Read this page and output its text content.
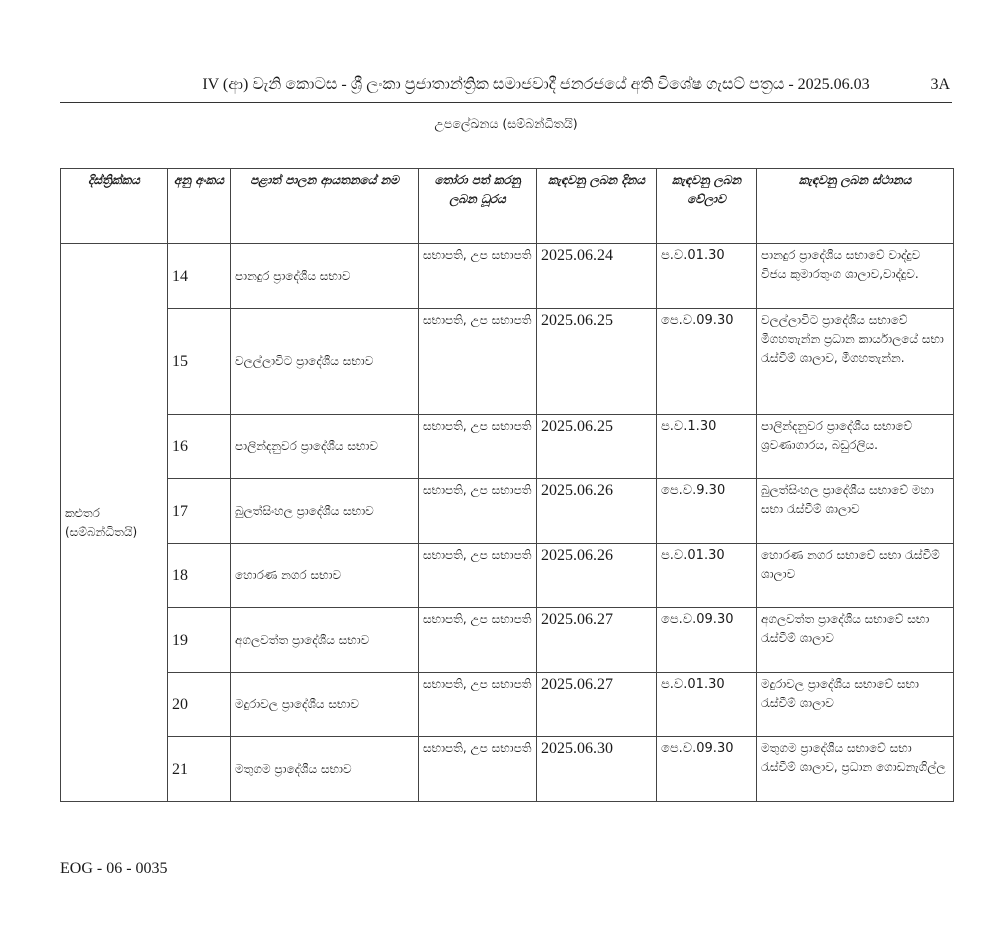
IV (ආ) වැනි කොටස - ශ්‍රී ලංකා ප්‍රජාතාන්ත්‍රික සමාජවාදී ජනරජයේ අති විශේෂ ගැසට් පත්‍රය - 2025.06.03	3A
උපලේඛනය (සම්බන්ධිතයි)
දිස්ත්‍රික්කය	අනු අංකය	පළාත් පාලන ආයතනයේ නම	තෝරා පත් කරනු ලබන ධූරය	කැඳවනු ලබන දිනය	කැඳවනු ලබන වේලාව	කැඳවනු ලබන ස්ථානය
කළුතර (සම්බන්ධිතයි)	14	පානදුර ප්‍රාදේශීය සභාව	සභාපති, උප සභාපති	2025.06.24	ප.ව.01.30	පානදුර ප්‍රාදේශීය සභාවේ වාද්දුව විජය කුමාරතුංග ශාලාව,වාද්දුව.
	15	වලල්ලාවිට ප්‍රාදේශීය සභාව	සභාපති, උප සභාපති	2025.06.25	පෙ.ව.09.30	වලල්ලාවිට ප්‍රාදේශීය සභාවේ මීගහතැන්න ප්‍රධාන කාර්යාලයේ සභා රැස්වීම් ශාලාව, මීගහතැන්න.
	16	පාලින්දනුවර ප්‍රාදේශීය සභාව	සභාපති, උප සභාපති	2025.06.25	ප.ව.1.30	පාලින්දනුවර ප්‍රාදේශීය සභාවේ ශ්‍රවණාගාරය, බඩුරලිය.
	17	බුලත්සිංහල ප්‍රාදේශීය සභාව	සභාපති, උප සභාපති	2025.06.26	පෙ.ව.9.30	බුලත්සිංහල ප්‍රාදේශීය සභාවේ මහා සභා රැස්වීම් ශාලාව
	18	හොරණ නගර සභාව	සභාපති, උප සභාපති	2025.06.26	ප.ව.01.30	හොරණ නගර සභාවේ සභා රැස්වීම් ශාලාව
	19	අගලවත්ත ප්‍රාදේශීය සභාව	සභාපති, උප සභාපති	2025.06.27	පෙ.ව.09.30	අගලවත්ත ප්‍රාදේශීය සභාවේ සභා රැස්වීම් ශාලාව
	20	මදුරාවල ප්‍රාදේශීය සභාව	සභාපති, උප සභාපති	2025.06.27	ප.ව.01.30	මදුරාවල ප්‍රාදේශීය සභාවේ සභා රැස්වීම් ශාලාව
	21	මතුගම ප්‍රාදේශීය සභාව	සභාපති, උප සභාපති	2025.06.30	පෙ.ව.09.30	මතුගම ප්‍රාදේශීය සභාවේ සභා රැස්වීම් ශාලාව, ප්‍රධාන ගොඩනැගිල්ල
EOG - 06 - 0035
